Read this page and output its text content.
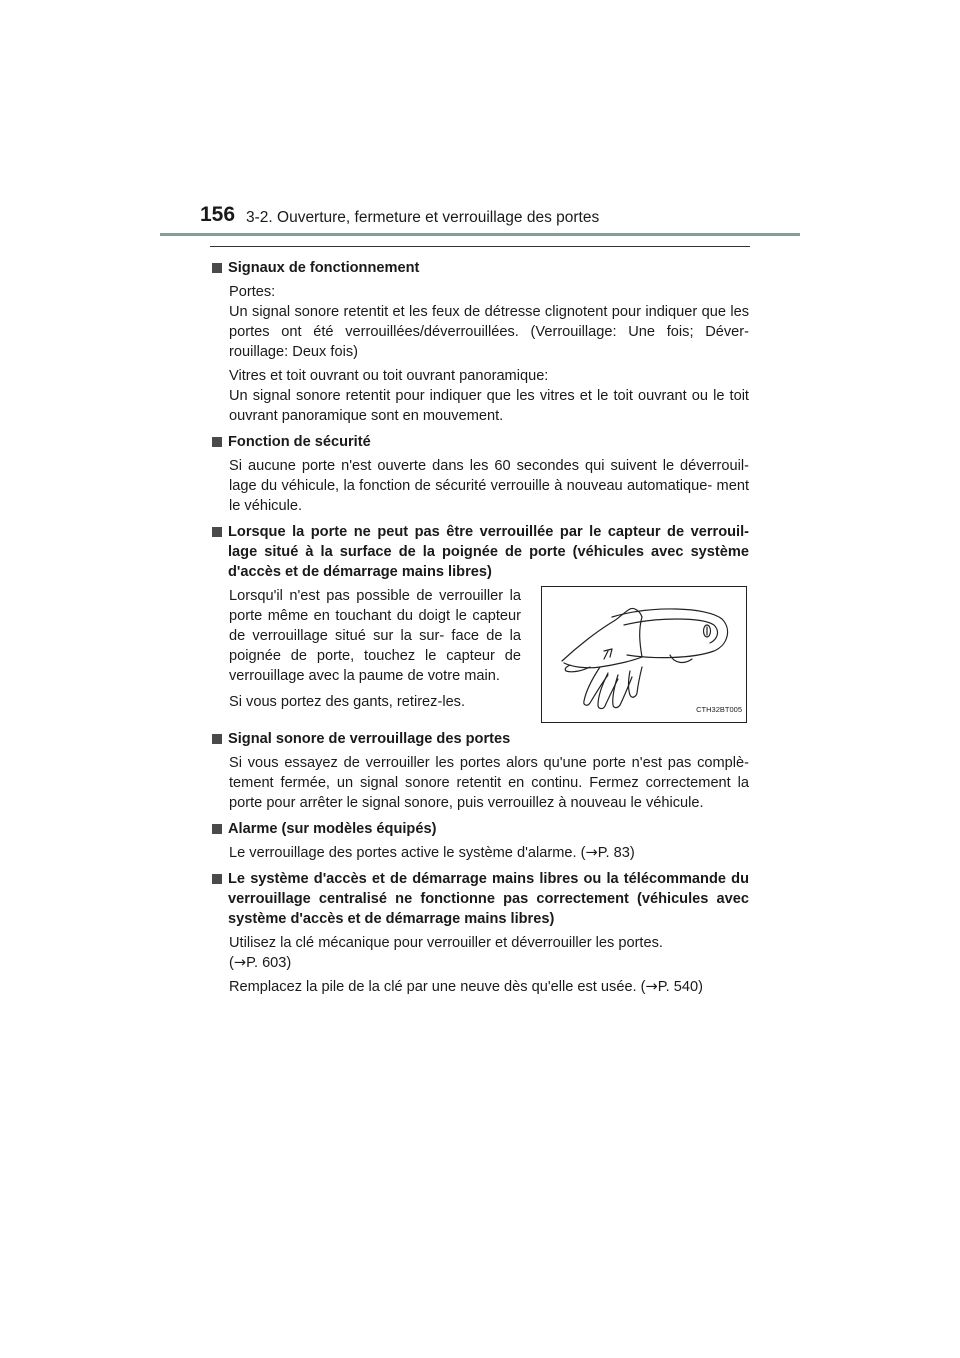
156 3-2. Ouverture, fermeture et verrouillage des portes
Signaux de fonctionnement
Portes:
Un signal sonore retentit et les feux de détresse clignotent pour indiquer que les portes ont été verrouillées/déverrouillées. (Verrouillage: Une fois; Déver- rouillage: Deux fois)
Vitres et toit ouvrant ou toit ouvrant panoramique:
Un signal sonore retentit pour indiquer que les vitres et le toit ouvrant ou le toit ouvrant panoramique sont en mouvement.
Fonction de sécurité
Si aucune porte n'est ouverte dans les 60 secondes qui suivent le déverrouil- lage du véhicule, la fonction de sécurité verrouille à nouveau automatique- ment le véhicule.
Lorsque la porte ne peut pas être verrouillée par le capteur de verrouil- lage situé à la surface de la poignée de porte (véhicules avec système d'accès et de démarrage mains libres)

Lorsqu'il n'est pas possible de verrouiller la porte même en touchant du doigt le capteur de verrouillage situé sur la sur- face de la poignée de porte, touchez le capteur de verrouillage avec la paume de votre main.

Si vous portez des gants, retirez-les.	CTH32BT005
Signal sonore de verrouillage des portes
Si vous essayez de verrouiller les portes alors qu'une porte n'est pas complè- tement fermée, un signal sonore retentit en continu. Fermez correctement la porte pour arrêter le signal sonore, puis verrouillez à nouveau le véhicule.
Alarme (sur modèles équipés)
Le verrouillage des portes active le système d'alarme. (→P. 83)
Le système d'accès et de démarrage mains libres ou la télécommande du verrouillage centralisé ne fonctionne pas correctement (véhicules avec système d'accès et de démarrage mains libres)
Utilisez la clé mécanique pour verrouiller et déverrouiller les portes.
(→P. 603)
Remplacez la pile de la clé par une neuve dès qu'elle est usée. (→P. 540)
